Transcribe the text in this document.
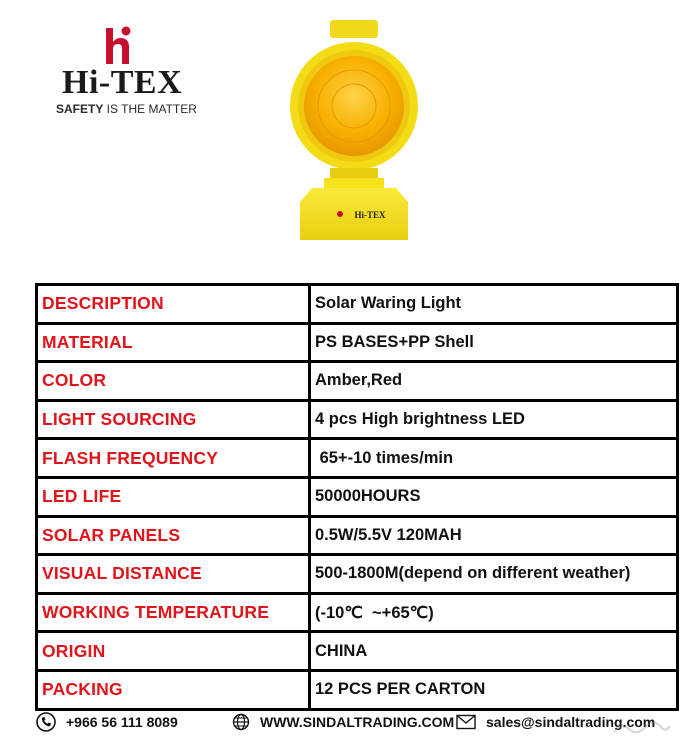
Hi-TEX
SAFETY IS THE MATTER
Hi-TEX
DESCRIPTION	Solar Waring Light
MATERIAL	PS BASES+PP Shell
COLOR	Amber,Red
LIGHT SOURCING	4 pcs High brightness LED
FLASH FREQUENCY	65+-10 times/min
LED LIFE	50000HOURS
SOLAR PANELS	0.5W/5.5V 120MAH
VISUAL DISTANCE	500-1800M(depend on different weather)
WORKING TEMPERATURE	(-10℃  ~+65℃)
ORIGIN	CHINA
PACKING	12 PCS PER CARTON
+966 56 111 8089	WWW.SINDALTRADING.COM sales@sindaltrading.com
